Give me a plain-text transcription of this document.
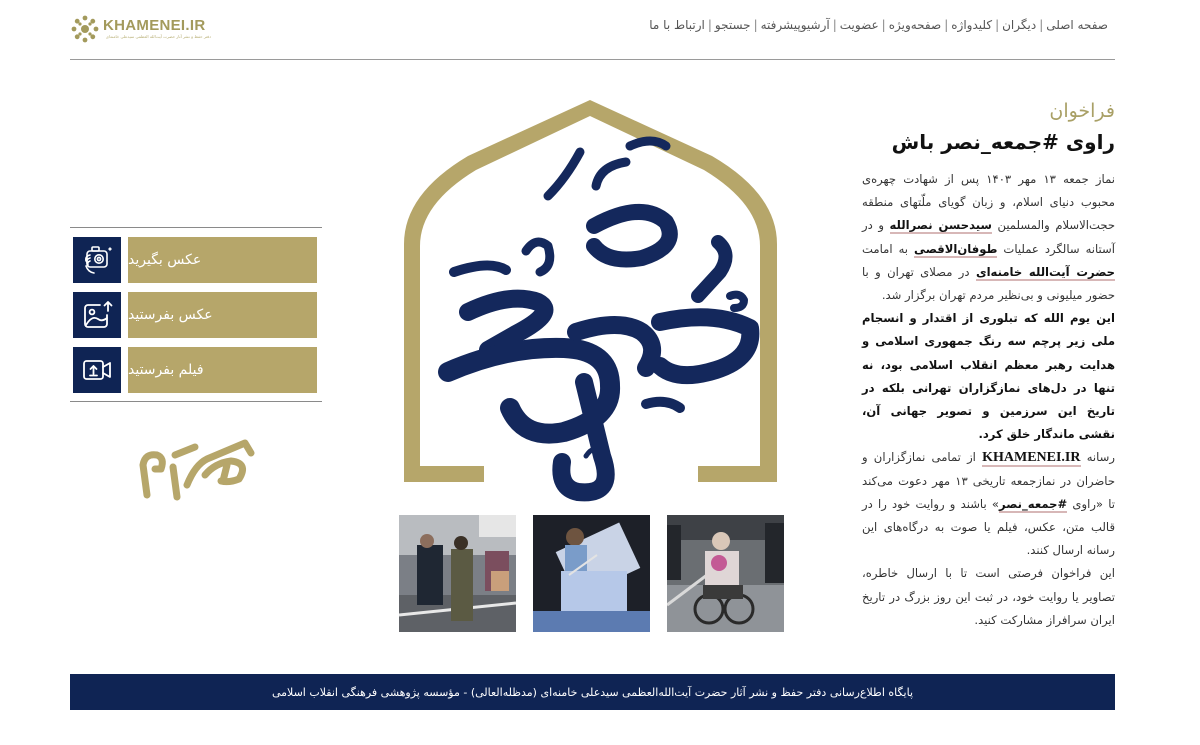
KHAMENEI.IR
دفتر حفظ و نشر آثار حضرت آیت‌الله العظمی سیدعلی خامنه‌ای
صفحه اصلی
|
دیگران
|
کلیدواژه
|
صفحه‌ویژه
|
عضویت
|
آرشیو‌پیشرفته
|
جستجو
|
ارتباط با ما
عکس بگیرید
عکس بفرستید
فیلم بفرستید
فراخوان
راوی #جمعه_نصر باش

نماز جمعه ۱۳ مهر ۱۴۰۳ پس از شهادت چهره‌ی محبوب دنیای اسلام، و زبان گویای ملّتهای منطقه حجت‌الاسلام والمسلمین سیدحسن نصرالله و در آستانه سالگرد عملیات طوفان‌الاقصی به امامت حضرت آیت‌الله خامنه‌ای در مصلای تهران و با حضور میلیونی و بی‌نظیر مردم تهران برگزار شد.

این یوم الله که تبلوری از اقتدار و انسجام ملی زیر پرچم سه رنگ جمهوری اسلامی و هدایت رهبر معظم انقلاب اسلامی بود، نه تنها در دل‌های نمازگزاران تهرانی بلکه در تاریخ این سرزمین و تصویر جهانی آن، نقشی ماندگار خلق کرد.

رسانه KHAMENEI.IR از تمامی نمازگزاران و حاضران در نمازجمعه تاریخی ۱۳ مهر دعوت می‌کند تا «راوی #جمعه_نصر» باشند و روایت خود را در قالب متن، عکس، فیلم یا صوت به درگاه‌های این رسانه ارسال کنند.

این فراخوان فرصتی است تا با ارسال خاطره، تصاویر یا روایت خود، در ثبت این روز بزرگ در تاریخ ایران سرافراز مشارکت کنید.

پایگاه اطلاع‌رسانی دفتر حفظ و نشر آثار حضرت آیت‌الله‌العظمی سیدعلی خامنه‌ای (مدظله‌العالی) - مؤسسه پژوهشی فرهنگی انقلاب اسلامی
